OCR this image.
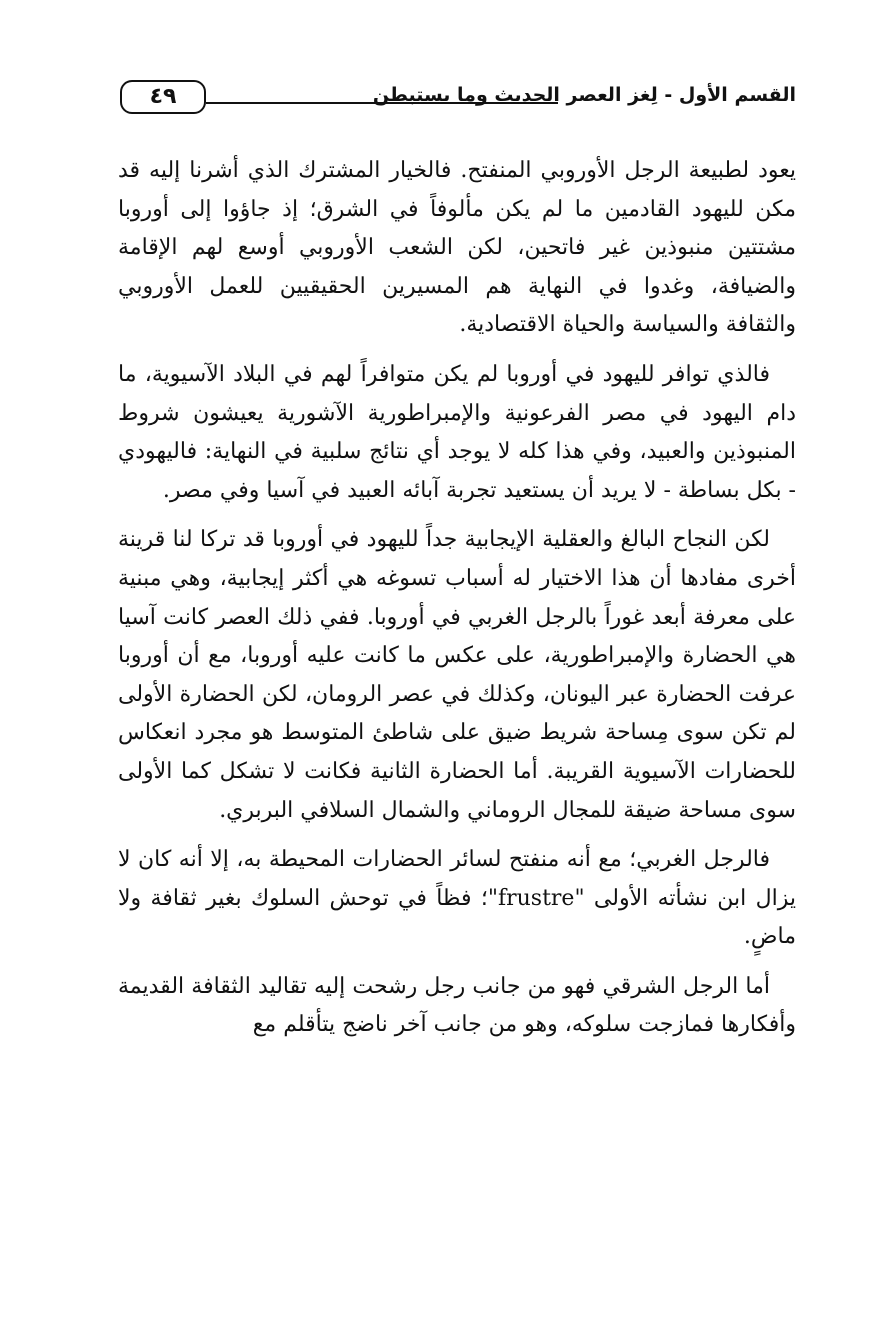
٤٩	القسم الأول - لِغز العصر الحديث وما يستبطن

يعود لطبيعة الرجل الأوروبي المنفتح. فالخيار المشترك الذي أشرنا إليه قد مكن لليهود القادمين ما لم يكن مألوفاً في الشرق؛ إذ جاؤوا إلى أوروبا مشتتين منبوذين غير فاتحين، لكن الشعب الأوروبي أوسع لهم الإقامة والضيافة، وغدوا في النهاية هم المسيرين الحقيقيين للعمل الأوروبي والثقافة والسياسة والحياة الاقتصادية.

فالذي توافر لليهود في أوروبا لم يكن متوافراً لهم في البلاد الآسيوية، ما دام اليهود في مصر الفرعونية والإمبراطورية الآشورية يعيشون شروط المنبوذين والعبيد، وفي هذا كله لا يوجد أي نتائج سلبية في النهاية: فاليهودي - بكل بساطة - لا يريد أن يستعيد تجربة آبائه العبيد في آسيا وفي مصر.

لكن النجاح البالغ والعقلية الإيجابية جداً لليهود في أوروبا قد تركا لنا قرينة أخرى مفادها أن هذا الاختيار له أسباب تسوغه هي أكثر إيجابية، وهي مبنية على معرفة أبعد غوراً بالرجل الغربي في أوروبا. ففي ذلك العصر كانت آسيا هي الحضارة والإمبراطورية، على عكس ما كانت عليه أوروبا، مع أن أوروبا عرفت الحضارة عبر اليونان، وكذلك في عصر الرومان، لكن الحضارة الأولى لم تكن سوى مِساحة شريط ضيق على شاطئ المتوسط هو مجرد انعكاس للحضارات الآسيوية القريبة. أما الحضارة الثانية فكانت لا تشكل كما الأولى سوى مساحة ضيقة للمجال الروماني والشمال السلافي البربري.

فالرجل الغربي؛ مع أنه منفتح لسائر الحضارات المحيطة به، إلا أنه كان لا يزال ابن نشأته الأولى "frustre"؛ فظاً في توحش السلوك بغير ثقافة ولا ماضٍ.

أما الرجل الشرقي فهو من جانب رجل رشحت إليه تقاليد الثقافة القديمة وأفكارها فمازجت سلوكه، وهو من جانب آخر ناضج يتأقلم مع
